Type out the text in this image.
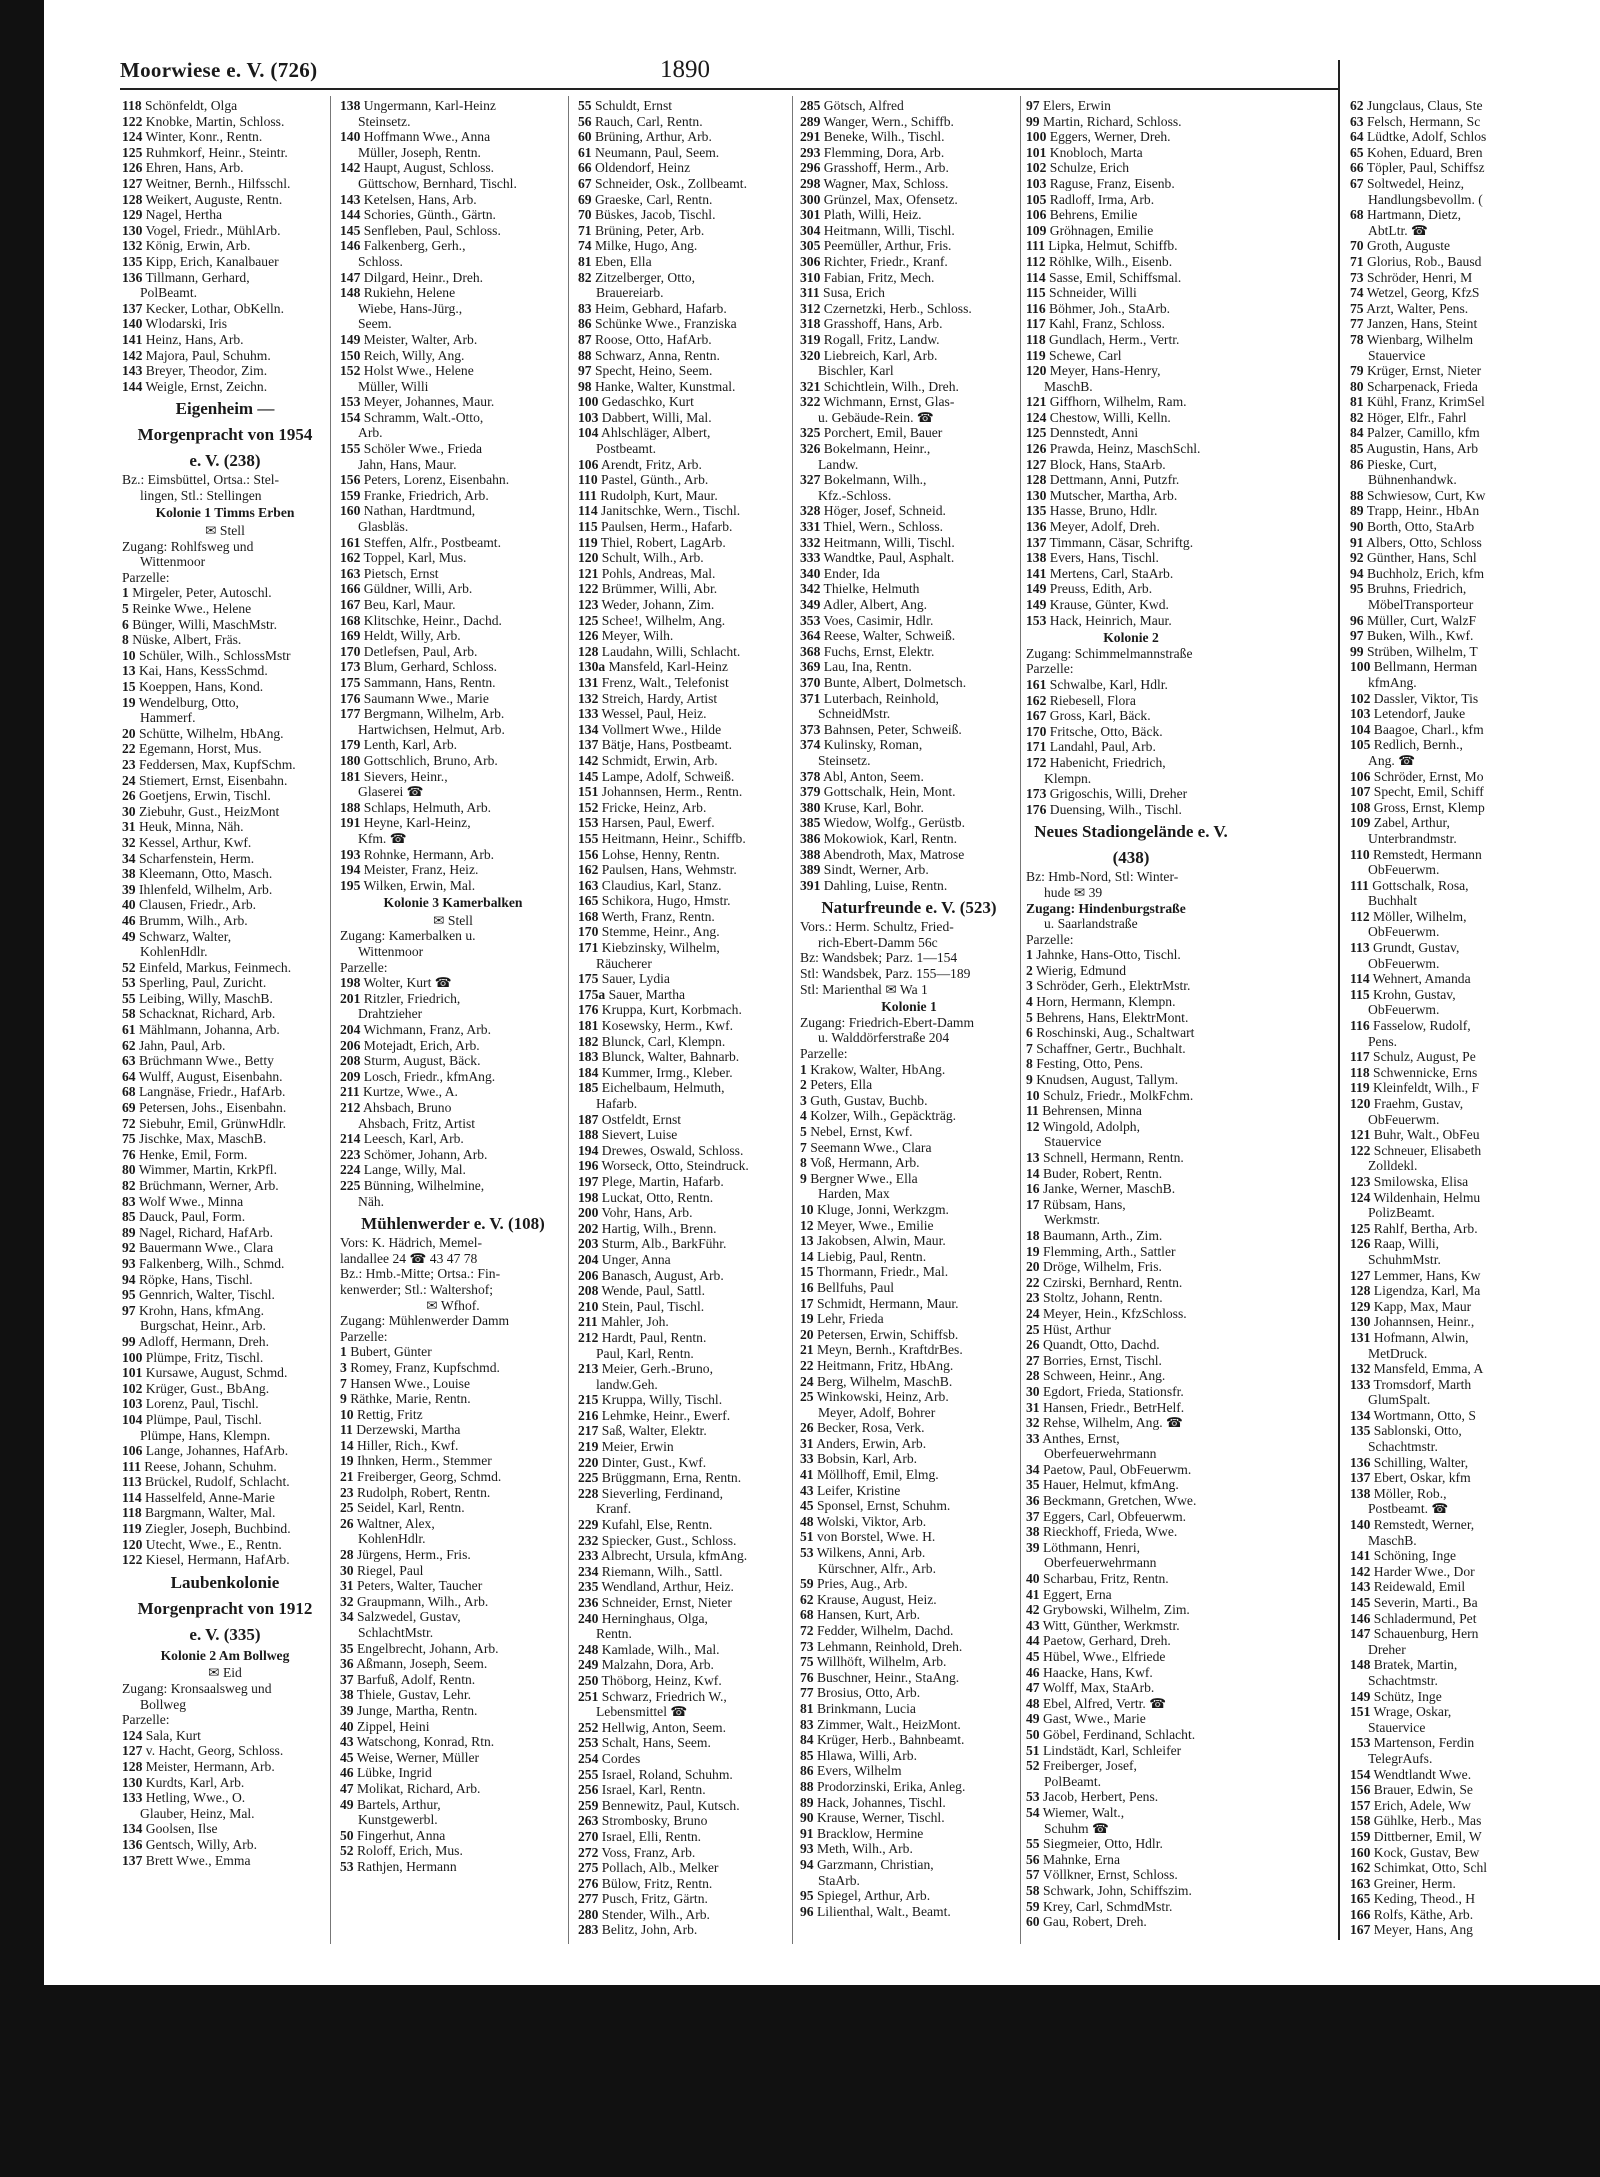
Moorwiese e. V. (726)	1890
118 Schönfeldt, Olga
122 Knobke, Martin, Schloss.
124 Winter, Konr., Rentn.
125 Ruhmkorf, Heinr., Steintr.
126 Ehren, Hans, Arb.
127 Weitner, Bernh., Hilfsschl.
128 Weikert, Auguste, Rentn.
129 Nagel, Hertha
130 Vogel, Friedr., MühlArb.
132 König, Erwin, Arb.
135 Kipp, Erich, Kanalbauer
136 Tillmann, Gerhard,
PolBeamt.
137 Kecker, Lothar, ObKelln.
140 Wlodarski, Iris
141 Heinz, Hans, Arb.
142 Majora, Paul, Schuhm.
143 Breyer, Theodor, Zim.
144 Weigle, Ernst, Zeichn.
Eigenheim —
Morgenpracht von 1954
e. V. (238)
Bz.: Eimsbüttel, Ortsa.: Stel-
lingen, Stl.: Stellingen
Kolonie 1 Timms Erben
✉ Stell
Zugang: Rohlfsweg und
Wittenmoor
Parzelle:
1 Mirgeler, Peter, Autoschl.
5 Reinke Wwe., Helene
6 Bünger, Willi, MaschMstr.
8 Nüske, Albert, Fräs.
10 Schüler, Wilh., SchlossMstr
13 Kai, Hans, KessSchmd.
15 Koeppen, Hans, Kond.
19 Wendelburg, Otto,
Hammerf.
20 Schütte, Wilhelm, HbAng.
22 Egemann, Horst, Mus.
23 Feddersen, Max, KupfSchm.
24 Stiemert, Ernst, Eisenbahn.
26 Goetjens, Erwin, Tischl.
30 Ziebuhr, Gust., HeizMont
31 Heuk, Minna, Näh.
32 Kessel, Arthur, Kwf.
34 Scharfenstein, Herm.
38 Kleemann, Otto, Masch.
39 Ihlenfeld, Wilhelm, Arb.
40 Clausen, Friedr., Arb.
46 Brumm, Wilh., Arb.
49 Schwarz, Walter,
KohlenHdlr.
52 Einfeld, Markus, Feinmech.
53 Sperling, Paul, Zuricht.
55 Leibing, Willy, MaschB.
58 Schacknat, Richard, Arb.
61 Mählmann, Johanna, Arb.
62 Jahn, Paul, Arb.
63 Brüchmann Wwe., Betty
64 Wulff, August, Eisenbahn.
68 Langnäse, Friedr., HafArb.
69 Petersen, Johs., Eisenbahn.
72 Siebuhr, Emil, GrünwHdlr.
75 Jischke, Max, MaschB.
76 Henke, Emil, Form.
80 Wimmer, Martin, KrkPfl.
82 Brüchmann, Werner, Arb.
83 Wolf Wwe., Minna
85 Dauck, Paul, Form.
89 Nagel, Richard, HafArb.
92 Bauermann Wwe., Clara
93 Falkenberg, Wilh., Schmd.
94 Röpke, Hans, Tischl.
95 Gennrich, Walter, Tischl.
97 Krohn, Hans, kfmAng.
Burgschat, Heinr., Arb.
99 Adloff, Hermann, Dreh.
100 Plümpe, Fritz, Tischl.
101 Kursawe, August, Schmd.
102 Krüger, Gust., BbAng.
103 Lorenz, Paul, Tischl.
104 Plümpe, Paul, Tischl.
Plümpe, Hans, Klempn.
106 Lange, Johannes, HafArb.
111 Reese, Johann, Schuhm.
113 Brückel, Rudolf, Schlacht.
114 Hasselfeld, Anne-Marie
118 Bargmann, Walter, Mal.
119 Ziegler, Joseph, Buchbind.
120 Utecht, Wwe., E., Rentn.
122 Kiesel, Hermann, HafArb.
Laubenkolonie
Morgenpracht von 1912
e. V. (335)
Kolonie 2 Am Bollweg
✉ Eid
Zugang: Kronsaalsweg und
Bollweg
Parzelle:
124 Sala, Kurt
127 v. Hacht, Georg, Schloss.
128 Meister, Hermann, Arb.
130 Kurdts, Karl, Arb.
133 Hetling, Wwe., O.
Glauber, Heinz, Mal.
134 Goolsen, Ilse
136 Gentsch, Willy, Arb.
137 Brett Wwe., Emma
138 Ungermann, Karl-Heinz
Steinsetz.
140 Hoffmann Wwe., Anna
Müller, Joseph, Rentn.
142 Haupt, August, Schloss.
Güttschow, Bernhard, Tischl.
143 Ketelsen, Hans, Arb.
144 Schories, Günth., Gärtn.
145 Senfleben, Paul, Schloss.
146 Falkenberg, Gerh.,
Schloss.
147 Dilgard, Heinr., Dreh.
148 Rukiehn, Helene
Wiebe, Hans-Jürg.,
Seem.
149 Meister, Walter, Arb.
150 Reich, Willy, Ang.
152 Holst Wwe., Helene
Müller, Willi
153 Meyer, Johannes, Maur.
154 Schramm, Walt.-Otto,
Arb.
155 Schöler Wwe., Frieda
Jahn, Hans, Maur.
156 Peters, Lorenz, Eisenbahn.
159 Franke, Friedrich, Arb.
160 Nathan, Hardtmund,
Glasbläs.
161 Steffen, Alfr., Postbeamt.
162 Toppel, Karl, Mus.
163 Pietsch, Ernst
166 Güldner, Willi, Arb.
167 Beu, Karl, Maur.
168 Klitschke, Heinr., Dachd.
169 Heldt, Willy, Arb.
170 Detlefsen, Paul, Arb.
173 Blum, Gerhard, Schloss.
175 Sammann, Hans, Rentn.
176 Saumann Wwe., Marie
177 Bergmann, Wilhelm, Arb.
Hartwichsen, Helmut, Arb.
179 Lenth, Karl, Arb.
180 Gottschlich, Bruno, Arb.
181 Sievers, Heinr.,
Glaserei ☎
188 Schlaps, Helmuth, Arb.
191 Heyne, Karl-Heinz,
Kfm. ☎
193 Rohnke, Hermann, Arb.
194 Meister, Franz, Heiz.
195 Wilken, Erwin, Mal.
Kolonie 3 Kamerbalken
✉ Stell
Zugang: Kamerbalken u.
Wittenmoor
Parzelle:
198 Wolter, Kurt ☎
201 Ritzler, Friedrich,
Drahtzieher
204 Wichmann, Franz, Arb.
206 Motejadt, Erich, Arb.
208 Sturm, August, Bäck.
209 Losch, Friedr., kfmAng.
211 Kurtze, Wwe., A.
212 Ahsbach, Bruno
Ahsbach, Fritz, Artist
214 Leesch, Karl, Arb.
223 Schömer, Johann, Arb.
224 Lange, Willy, Mal.
225 Bünning, Wilhelmine,
Näh.
Mühlenwerder e. V. (108)
Vors: K. Hädrich, Memel-
landallee 24 ☎ 43 47 78
Bz.: Hmb.-Mitte; Ortsa.: Fin-
kenwerder; Stl.: Waltershof;
✉ Wfhof.
Zugang: Mühlenwerder Damm
Parzelle:
1 Bubert, Günter
3 Romey, Franz, Kupfschmd.
7 Hansen Wwe., Louise
9 Räthke, Marie, Rentn.
10 Rettig, Fritz
11 Derzewski, Martha
14 Hiller, Rich., Kwf.
19 Ihnken, Herm., Stemmer
21 Freiberger, Georg, Schmd.
23 Rudolph, Robert, Rentn.
25 Seidel, Karl, Rentn.
26 Waltner, Alex,
KohlenHdlr.
28 Jürgens, Herm., Fris.
30 Riegel, Paul
31 Peters, Walter, Taucher
32 Graupmann, Wilh., Arb.
34 Salzwedel, Gustav,
SchlachtMstr.
35 Engelbrecht, Johann, Arb.
36 Aßmann, Joseph, Seem.
37 Barfuß, Adolf, Rentn.
38 Thiele, Gustav, Lehr.
39 Junge, Martha, Rentn.
40 Zippel, Heini
43 Watschong, Konrad, Rtn.
45 Weise, Werner, Müller
46 Lübke, Ingrid
47 Molikat, Richard, Arb.
49 Bartels, Arthur,
Kunstgewerbl.
50 Fingerhut, Anna
52 Roloff, Erich, Mus.
53 Rathjen, Hermann
55 Schuldt, Ernst
56 Rauch, Carl, Rentn.
60 Brüning, Arthur, Arb.
61 Neumann, Paul, Seem.
66 Oldendorf, Heinz
67 Schneider, Osk., Zollbeamt.
69 Graeske, Carl, Rentn.
70 Büskes, Jacob, Tischl.
71 Brüning, Peter, Arb.
74 Milke, Hugo, Ang.
81 Eben, Ella
82 Zitzelberger, Otto,
Brauereiarb.
83 Heim, Gebhard, Hafarb.
86 Schünke Wwe., Franziska
87 Roose, Otto, HafArb.
88 Schwarz, Anna, Rentn.
97 Specht, Heino, Seem.
98 Hanke, Walter, Kunstmal.
100 Gedaschko, Kurt
103 Dabbert, Willi, Mal.
104 Ahlschläger, Albert,
Postbeamt.
106 Arendt, Fritz, Arb.
110 Pastel, Günth., Arb.
111 Rudolph, Kurt, Maur.
114 Janitschke, Wern., Tischl.
115 Paulsen, Herm., Hafarb.
119 Thiel, Robert, LagArb.
120 Schult, Wilh., Arb.
121 Pohls, Andreas, Mal.
122 Brümmer, Willi, Abr.
123 Weder, Johann, Zim.
125 Schee!, Wilhelm, Ang.
126 Meyer, Wilh.
128 Laudahn, Willi, Schlacht.
130a Mansfeld, Karl-Heinz
131 Frenz, Walt., Telefonist
132 Streich, Hardy, Artist
133 Wessel, Paul, Heiz.
134 Vollmert Wwe., Hilde
137 Bätje, Hans, Postbeamt.
142 Schmidt, Erwin, Arb.
145 Lampe, Adolf, Schweiß.
151 Johannsen, Herm., Rentn.
152 Fricke, Heinz, Arb.
153 Harsen, Paul, Ewerf.
155 Heitmann, Heinr., Schiffb.
156 Lohse, Henny, Rentn.
162 Paulsen, Hans, Wehmstr.
163 Claudius, Karl, Stanz.
165 Schikora, Hugo, Hmstr.
168 Werth, Franz, Rentn.
170 Stemme, Heinr., Ang.
171 Kiebzinsky, Wilhelm,
Räucherer
175 Sauer, Lydia
175a Sauer, Martha
176 Kruppa, Kurt, Korbmach.
181 Kosewsky, Herm., Kwf.
182 Blunck, Carl, Klempn.
183 Blunck, Walter, Bahnarb.
184 Kummer, Irmg., Kleber.
185 Eichelbaum, Helmuth,
Hafarb.
187 Ostfeldt, Ernst
188 Sievert, Luise
194 Drewes, Oswald, Schloss.
196 Worseck, Otto, Steindruck.
197 Plege, Martin, Hafarb.
198 Luckat, Otto, Rentn.
200 Vohr, Hans, Arb.
202 Hartig, Wilh., Brenn.
203 Sturm, Alb., BarkFühr.
204 Unger, Anna
206 Banasch, August, Arb.
208 Wende, Paul, Sattl.
210 Stein, Paul, Tischl.
211 Mahler, Joh.
212 Hardt, Paul, Rentn.
Paul, Karl, Rentn.
213 Meier, Gerh.-Bruno,
landw.Geh.
215 Kruppa, Willy, Tischl.
216 Lehmke, Heinr., Ewerf.
217 Saß, Walter, Elektr.
219 Meier, Erwin
220 Dinter, Gust., Kwf.
225 Brüggmann, Erna, Rentn.
228 Sieverling, Ferdinand,
Kranf.
229 Kufahl, Else, Rentn.
232 Spiecker, Gust., Schloss.
233 Albrecht, Ursula, kfmAng.
234 Riemann, Wilh., Sattl.
235 Wendland, Arthur, Heiz.
236 Schneider, Ernst, Nieter
240 Herninghaus, Olga,
Rentn.
248 Kamlade, Wilh., Mal.
249 Malzahn, Dora, Arb.
250 Thöborg, Heinz, Kwf.
251 Schwarz, Friedrich W.,
Lebensmittel ☎
252 Hellwig, Anton, Seem.
253 Schalt, Hans, Seem.
254 Cordes
255 Israel, Roland, Schuhm.
256 Israel, Karl, Rentn.
259 Bennewitz, Paul, Kutsch.
263 Strombosky, Bruno
270 Israel, Elli, Rentn.
272 Voss, Franz, Arb.
275 Pollach, Alb., Melker
276 Bülow, Fritz, Rentn.
277 Pusch, Fritz, Gärtn.
280 Stender, Wilh., Arb.
283 Belitz, John, Arb.
285 Götsch, Alfred
289 Wanger, Wern., Schiffb.
291 Beneke, Wilh., Tischl.
293 Flemming, Dora, Arb.
296 Grasshoff, Herm., Arb.
298 Wagner, Max, Schloss.
300 Grünzel, Max, Ofensetz.
301 Plath, Willi, Heiz.
304 Heitmann, Willi, Tischl.
305 Peemüller, Arthur, Fris.
306 Richter, Friedr., Kranf.
310 Fabian, Fritz, Mech.
311 Susa, Erich
312 Czernetzki, Herb., Schloss.
318 Grasshoff, Hans, Arb.
319 Rogall, Fritz, Landw.
320 Liebreich, Karl, Arb.
Bischler, Karl
321 Schichtlein, Wilh., Dreh.
322 Wichmann, Ernst, Glas-
u. Gebäude-Rein. ☎
325 Porchert, Emil, Bauer
326 Bokelmann, Heinr.,
Landw.
327 Bokelmann, Wilh.,
Kfz.-Schloss.
328 Höger, Josef, Schneid.
331 Thiel, Wern., Schloss.
332 Heitmann, Willi, Tischl.
333 Wandtke, Paul, Asphalt.
340 Ender, Ida
342 Thielke, Helmuth
349 Adler, Albert, Ang.
353 Voes, Casimir, Hdlr.
364 Reese, Walter, Schweiß.
368 Fuchs, Ernst, Elektr.
369 Lau, Ina, Rentn.
370 Bunte, Albert, Dolmetsch.
371 Luterbach, Reinhold,
SchneidMstr.
373 Bahnsen, Peter, Schweiß.
374 Kulinsky, Roman,
Steinsetz.
378 Abl, Anton, Seem.
379 Gottschalk, Hein, Mont.
380 Kruse, Karl, Bohr.
385 Wiedow, Wolfg., Gerüstb.
386 Mokowiok, Karl, Rentn.
388 Abendroth, Max, Matrose
389 Sindt, Werner, Arb.
391 Dahling, Luise, Rentn.
Naturfreunde e. V. (523)
Vors.: Herm. Schultz, Fried-
rich-Ebert-Damm 56c
Bz: Wandsbek; Parz. 1—154
Stl: Wandsbek, Parz. 155—189
Stl: Marienthal ✉ Wa 1
Kolonie 1
Zugang: Friedrich-Ebert-Damm
u. Walddörferstraße 204
Parzelle:
1 Krakow, Walter, HbAng.
2 Peters, Ella
3 Guth, Gustav, Buchb.
4 Kolzer, Wilh., Gepäckträg.
5 Nebel, Ernst, Kwf.
7 Seemann Wwe., Clara
8 Voß, Hermann, Arb.
9 Bergner Wwe., Ella
Harden, Max
10 Kluge, Jonni, Werkzgm.
12 Meyer, Wwe., Emilie
13 Jakobsen, Alwin, Maur.
14 Liebig, Paul, Rentn.
15 Thormann, Friedr., Mal.
16 Bellfuhs, Paul
17 Schmidt, Hermann, Maur.
19 Lehr, Frieda
20 Petersen, Erwin, Schiffsb.
21 Meyn, Bernh., KraftdrBes.
22 Heitmann, Fritz, HbAng.
24 Berg, Wilhelm, MaschB.
25 Winkowski, Heinz, Arb.
Meyer, Adolf, Bohrer
26 Becker, Rosa, Verk.
31 Anders, Erwin, Arb.
33 Bobsin, Karl, Arb.
41 Möllhoff, Emil, Elmg.
43 Leifer, Kristine
45 Sponsel, Ernst, Schuhm.
48 Wolski, Viktor, Arb.
51 von Borstel, Wwe. H.
53 Wilkens, Anni, Arb.
Kürschner, Alfr., Arb.
59 Pries, Aug., Arb.
62 Krause, August, Heiz.
68 Hansen, Kurt, Arb.
72 Fedder, Wilhelm, Dachd.
73 Lehmann, Reinhold, Dreh.
75 Willhöft, Wilhelm, Arb.
76 Buschner, Heinr., StaAng.
77 Brosius, Otto, Arb.
81 Brinkmann, Lucia
83 Zimmer, Walt., HeizMont.
84 Krüger, Herb., Bahnbeamt.
85 Hlawa, Willi, Arb.
86 Evers, Wilhelm
88 Prodorzinski, Erika, Anleg.
89 Hack, Johannes, Tischl.
90 Krause, Werner, Tischl.
91 Bracklow, Hermine
93 Meth, Wilh., Arb.
94 Garzmann, Christian,
StaArb.
95 Spiegel, Arthur, Arb.
96 Lilienthal, Walt., Beamt.
97 Elers, Erwin
99 Martin, Richard, Schloss.
100 Eggers, Werner, Dreh.
101 Knobloch, Marta
102 Schulze, Erich
103 Raguse, Franz, Eisenb.
105 Radloff, Irma, Arb.
106 Behrens, Emilie
109 Gröhnagen, Emilie
111 Lipka, Helmut, Schiffb.
112 Röhlke, Wilh., Eisenb.
114 Sasse, Emil, Schiffsmal.
115 Schneider, Willi
116 Böhmer, Joh., StaArb.
117 Kahl, Franz, Schloss.
118 Gundlach, Herm., Vertr.
119 Schewe, Carl
120 Meyer, Hans-Henry,
MaschB.
121 Giffhorn, Wilhelm, Ram.
124 Chestow, Willi, Kelln.
125 Dennstedt, Anni
126 Prawda, Heinz, MaschSchl.
127 Block, Hans, StaArb.
128 Dettmann, Anni, Putzfr.
130 Mutscher, Martha, Arb.
135 Hasse, Bruno, Hdlr.
136 Meyer, Adolf, Dreh.
137 Timmann, Cäsar, Schriftg.
138 Evers, Hans, Tischl.
141 Mertens, Carl, StaArb.
149 Preuss, Edith, Arb.
149 Krause, Günter, Kwd.
153 Hack, Heinrich, Maur.
Kolonie 2
Zugang: Schimmelmannstraße
Parzelle:
161 Schwalbe, Karl, Hdlr.
162 Riebesell, Flora
167 Gross, Karl, Bäck.
170 Fritsche, Otto, Bäck.
171 Landahl, Paul, Arb.
172 Habenicht, Friedrich,
Klempn.
173 Grigoschis, Willi, Dreher
176 Duensing, Wilh., Tischl.
Neues Stadiongelände e. V.
(438)
Bz: Hmb-Nord, Stl: Winter-
hude ✉ 39
Zugang: Hindenburgstraße
u. Saarlandstraße
Parzelle:
1 Jahnke, Hans-Otto, Tischl.
2 Wierig, Edmund
3 Schröder, Gerh., ElektrMstr.
4 Horn, Hermann, Klempn.
5 Behrens, Hans, ElektrMont.
6 Roschinski, Aug., Schaltwart
7 Schaffner, Gertr., Buchhalt.
8 Festing, Otto, Pens.
9 Knudsen, August, Tallym.
10 Schulz, Friedr., MolkFchm.
11 Behrensen, Minna
12 Wingold, Adolph,
Stauervice
13 Schnell, Hermann, Rentn.
14 Buder, Robert, Rentn.
16 Janke, Werner, MaschB.
17 Rübsam, Hans,
Werkmstr.
18 Baumann, Arth., Zim.
19 Flemming, Arth., Sattler
20 Dröge, Wilhelm, Fris.
22 Czirski, Bernhard, Rentn.
23 Stoltz, Johann, Rentn.
24 Meyer, Hein., KfzSchloss.
25 Hüst, Arthur
26 Quandt, Otto, Dachd.
27 Borries, Ernst, Tischl.
28 Schween, Heinr., Ang.
30 Egdort, Frieda, Stationsfr.
31 Hansen, Friedr., BetrHelf.
32 Rehse, Wilhelm, Ang. ☎
33 Anthes, Ernst,
Oberfeuerwehrmann
34 Paetow, Paul, ObFeuerwm.
35 Hauer, Helmut, kfmAng.
36 Beckmann, Gretchen, Wwe.
37 Eggers, Carl, Obfeuerwm.
38 Rieckhoff, Frieda, Wwe.
39 Löthmann, Henri,
Oberfeuerwehrmann
40 Scharbau, Fritz, Rentn.
41 Eggert, Erna
42 Grybowski, Wilhelm, Zim.
43 Witt, Günther, Werkmstr.
44 Paetow, Gerhard, Dreh.
45 Hübel, Wwe., Elfriede
46 Haacke, Hans, Kwf.
47 Wolff, Max, StaArb.
48 Ebel, Alfred, Vertr. ☎
49 Gast, Wwe., Marie
50 Göbel, Ferdinand, Schlacht.
51 Lindstädt, Karl, Schleifer
52 Freiberger, Josef,
PolBeamt.
53 Jacob, Herbert, Pens.
54 Wiemer, Walt.,
Schuhm ☎
55 Siegmeier, Otto, Hdlr.
56 Mahnke, Erna
57 Völlkner, Ernst, Schloss.
58 Schwark, John, Schiffszim.
59 Krey, Carl, SchmdMstr.
60 Gau, Robert, Dreh.
62 Jungclaus, Claus, Ste
63 Felsch, Hermann, Sc
64 Lüdtke, Adolf, Schlos
65 Kohen, Eduard, Bren
66 Töpler, Paul, Schiffsz
67 Soltwedel, Heinz,
Handlungsbevollm. (
68 Hartmann, Dietz,
AbtLtr. ☎
70 Groth, Auguste
71 Glorius, Rob., Bausd
73 Schröder, Henri, M
74 Wetzel, Georg, KfzS
75 Arzt, Walter, Pens.
77 Janzen, Hans, Steint
78 Wienbarg, Wilhelm
Stauervice
79 Krüger, Ernst, Nieter
80 Scharpenack, Frieda
81 Kühl, Franz, KrimSel
82 Höger, Elfr., Fahrl
84 Palzer, Camillo, kfm
85 Augustin, Hans, Arb
86 Pieske, Curt,
Bühnenhandwk.
88 Schwiesow, Curt, Kw
89 Trapp, Heinr., HbAn
90 Borth, Otto, StaArb
91 Albers, Otto, Schloss
92 Günther, Hans, Schl
94 Buchholz, Erich, kfm
95 Bruhns, Friedrich,
MöbelTransporteur
96 Müller, Curt, WalzF
97 Buken, Wilh., Kwf.
99 Strüben, Wilhelm, T
100 Bellmann, Herman
kfmAng.
102 Dassler, Viktor, Tis
103 Letendorf, Jauke
104 Baagoe, Charl., kfm
105 Redlich, Bernh.,
Ang. ☎
106 Schröder, Ernst, Mo
107 Specht, Emil, Schiff
108 Gross, Ernst, Klemp
109 Zabel, Arthur,
Unterbrandmstr.
110 Remstedt, Hermann
ObFeuerwm.
111 Gottschalk, Rosa,
Buchhalt
112 Möller, Wilhelm,
ObFeuerwm.
113 Grundt, Gustav,
ObFeuerwm.
114 Wehnert, Amanda
115 Krohn, Gustav,
ObFeuerwm.
116 Fasselow, Rudolf,
Pens.
117 Schulz, August, Pe
118 Schwennicke, Erns
119 Kleinfeldt, Wilh., F
120 Fraehm, Gustav,
ObFeuerwm.
121 Buhr, Walt., ObFeu
122 Schneuer, Elisabeth
Zolldekl.
123 Smilowska, Elisa
124 Wildenhain, Helmu
PolizBeamt.
125 Rahlf, Bertha, Arb.
126 Raap, Willi,
SchuhmMstr.
127 Lemmer, Hans, Kw
128 Ligendza, Karl, Ma
129 Kapp, Max, Maur
130 Johannsen, Heinr.,
131 Hofmann, Alwin,
MetDruck.
132 Mansfeld, Emma, A
133 Tromsdorf, Marth
GlumSpalt.
134 Wortmann, Otto, S
135 Sablonski, Otto,
Schachtmstr.
136 Schilling, Walter,
137 Ebert, Oskar, kfm
138 Möller, Rob.,
Postbeamt. ☎
140 Remstedt, Werner,
MaschB.
141 Schöning, Inge
142 Harder Wwe., Dor
143 Reidewald, Emil
145 Severin, Marti., Ba
146 Schladermund, Pet
147 Schauenburg, Hern
Dreher
148 Bratek, Martin,
Schachtmstr.
149 Schütz, Inge
151 Wrage, Oskar,
Stauervice
153 Martenson, Ferdin
TelegrAufs.
154 Wendtlandt Wwe.
156 Brauer, Edwin, Se
157 Erich, Adele, Ww
158 Gühlke, Herb., Mas
159 Dittberner, Emil, W
160 Kock, Gustav, Bew
162 Schimkat, Otto, Schl
163 Greiner, Herm.
165 Keding, Theod., H
166 Rolfs, Käthe, Arb.
167 Meyer, Hans, Ang
